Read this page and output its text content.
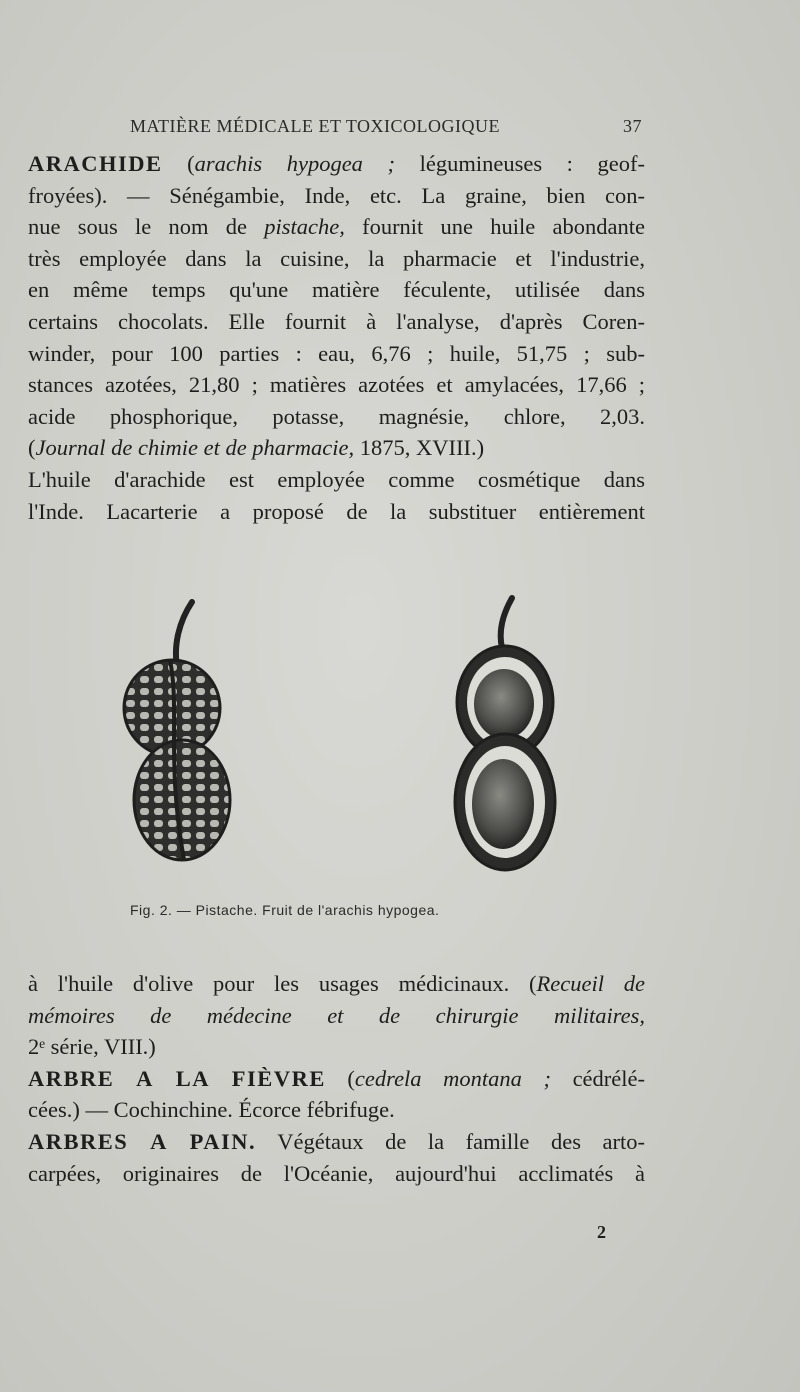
MATIÈRE MÉDICALE ET TOXICOLOGIQUE	37

ARACHIDE (arachis hypogea ; légumineuses : geof-

froyées). — Sénégambie, Inde, etc. La graine, bien con-

nue sous le nom de pistache, fournit une huile abondante

très employée dans la cuisine, la pharmacie et l'industrie,

en même temps qu'une matière féculente, utilisée dans

certains chocolats. Elle fournit à l'analyse, d'après Coren-

winder, pour 100 parties : eau, 6,76 ; huile, 51,75 ; sub-

stances azotées, 21,80 ; matières azotées et amylacées, 17,66 ;

acide phosphorique, potasse, magnésie, chlore, 2,03.

(Journal de chimie et de pharmacie, 1875, XVIII.)

L'huile d'arachide est employée comme cosmétique dans

l'Inde. Lacarterie a proposé de la substituer entièrement

Fig. 2. — Pistache. Fruit de l'arachis hypogea.

à l'huile d'olive pour les usages médicinaux. (Recueil de

mémoires de médecine et de chirurgie militaires,

2ᵉ série, VIII.)

ARBRE A LA FIÈVRE (cedrela montana ; cédrélé-

cées.) — Cochinchine. Écorce fébrifuge.

ARBRES A PAIN. Végétaux de la famille des arto-

carpées, originaires de l'Océanie, aujourd'hui acclimatés à

2
